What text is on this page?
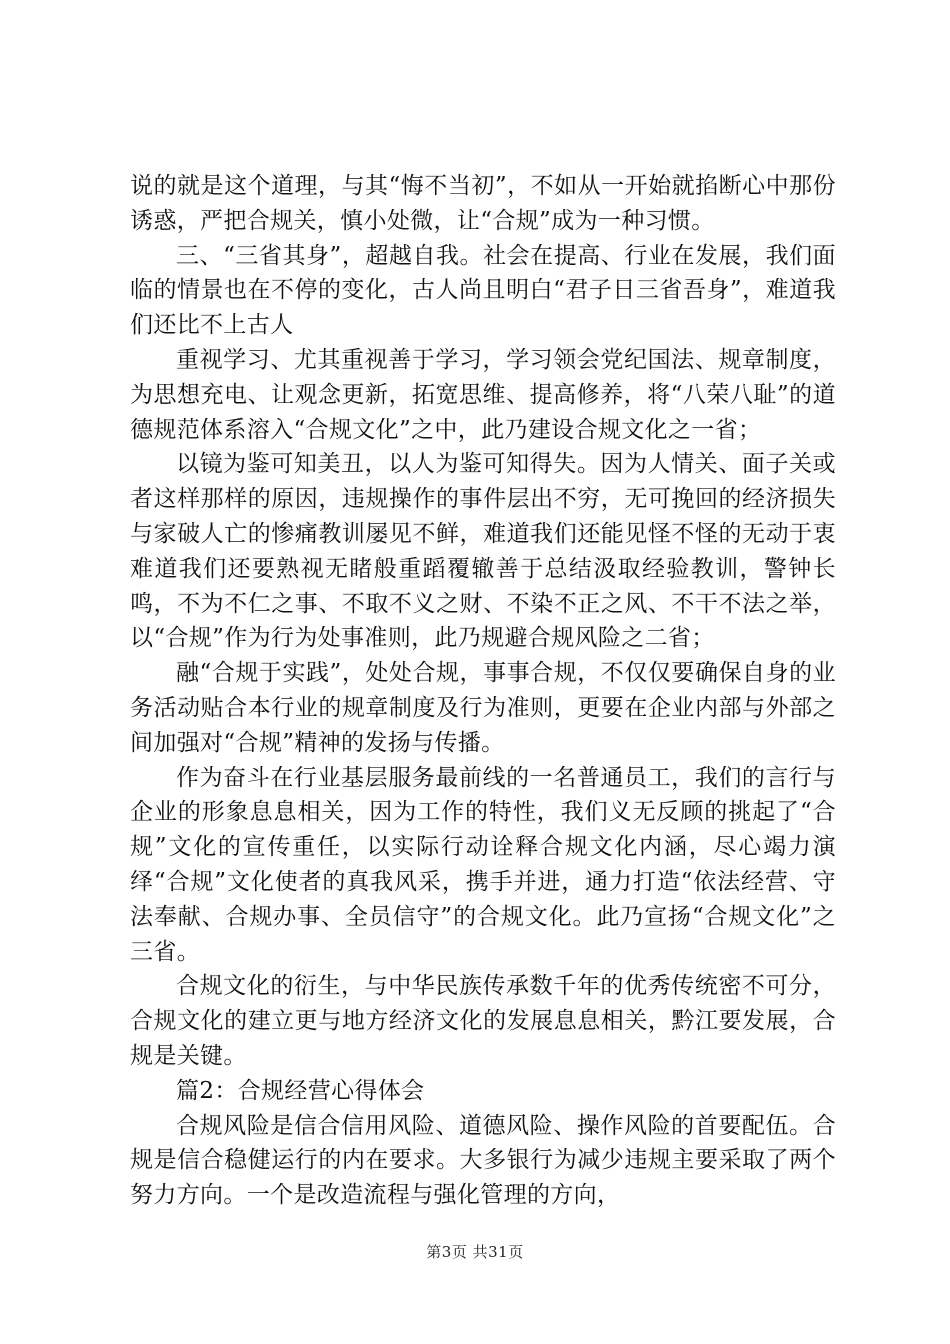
说的就是这个道理，与其“悔不当初”，不如从一开始就掐断心中那份诱惑，严把合规关，慎小处微，让“合规”成为一种习惯。

三、“三省其身”，超越自我。社会在提高、行业在发展，我们面临的情景也在不停的变化，古人尚且明白“君子日三省吾身”，难道我们还比不上古人

重视学习、尤其重视善于学习，学习领会党纪国法、规章制度，为思想充电、让观念更新，拓宽思维、提高修养，将“八荣八耻”的道德规范体系溶入“合规文化”之中，此乃建设合规文化之一省；

以镜为鉴可知美丑，以人为鉴可知得失。因为人情关、面子关或者这样那样的原因，违规操作的事件层出不穷，无可挽回的经济损失与家破人亡的惨痛教训屡见不鲜，难道我们还能见怪不怪的无动于衷难道我们还要熟视无睹般重蹈覆辙善于总结汲取经验教训，警钟长鸣，不为不仁之事、不取不义之财、不染不正之风、不干不法之举，以“合规”作为行为处事准则，此乃规避合规风险之二省；

融“合规于实践”，处处合规，事事合规，不仅仅要确保自身的业务活动贴合本行业的规章制度及行为准则，更要在企业内部与外部之间加强对“合规”精神的发扬与传播。

作为奋斗在行业基层服务最前线的一名普通员工，我们的言行与企业的形象息息相关，因为工作的特性，我们义无反顾的挑起了“合规”文化的宣传重任，以实际行动诠释合规文化内涵，尽心竭力演绎“合规”文化使者的真我风采，携手并进，通力打造“依法经营、守法奉献、合规办事、全员信守”的合规文化。此乃宣扬“合规文化”之三省。

合规文化的衍生，与中华民族传承数千年的优秀传统密不可分，合规文化的建立更与地方经济文化的发展息息相关，黔江要发展，合规是关键。

篇2：合规经营心得体会

合规风险是信合信用风险、道德风险、操作风险的首要配伍。合规是信合稳健运行的内在要求。大多银行为减少违规主要采取了两个努力方向。一个是改造流程与强化管理的方向，

第3页 共31页
